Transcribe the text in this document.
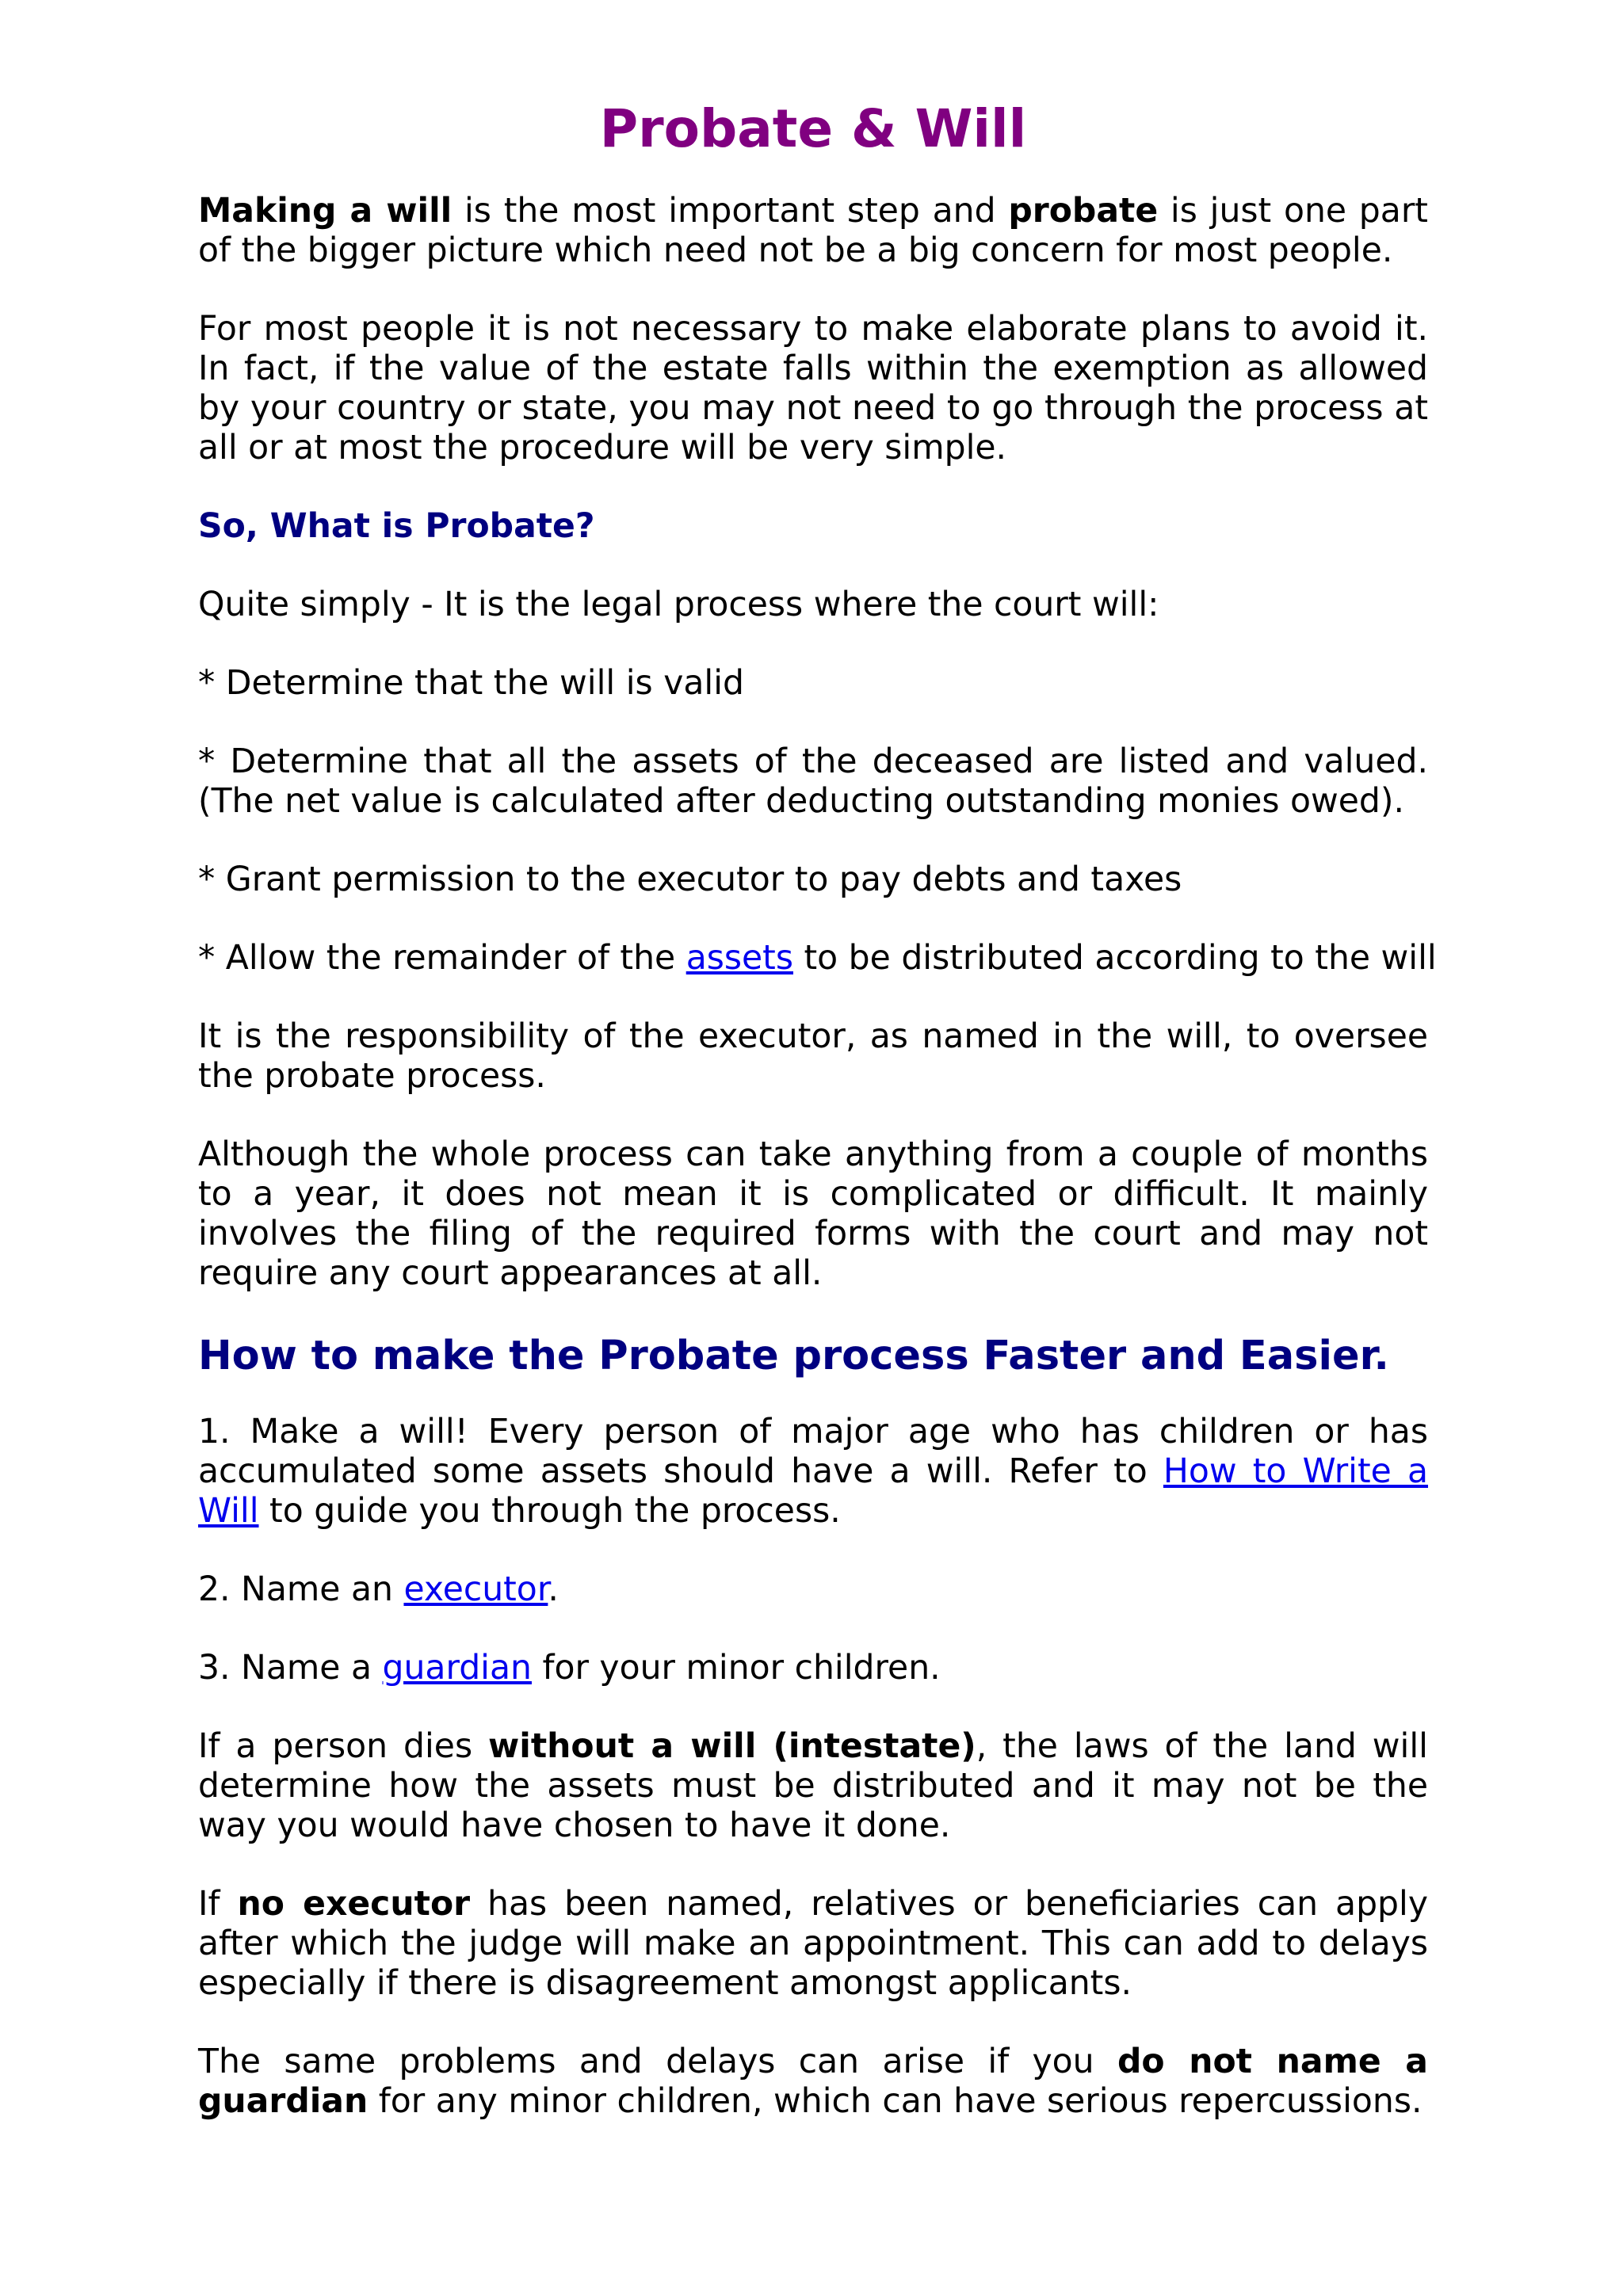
Probate & Will

Making a will is the most important step and probate is just one part of the bigger picture which need not be a big concern for most people.

For most people it is not necessary to make elaborate plans to avoid it. In fact, if the value of the estate falls within the exemption as allowed by your country or state, you may not need to go through the process at all or at most the procedure will be very simple.

So, What is Probate?

Quite simply - It is the legal process where the court will:

* Determine that the will is valid

* Determine that all the assets of the deceased are listed and valued. (The net value is calculated after deducting outstanding monies owed).

* Grant permission to the executor to pay debts and taxes

* Allow the remainder of the assets to be distributed according to the will

It is the responsibility of the executor, as named in the will, to oversee the probate process.

Although the whole process can take anything from a couple of months to a year, it does not mean it is complicated or difficult. It mainly involves the filing of the required forms with the court and may not require any court appearances at all.

How to make the Probate process Faster and Easier.

1. Make a will! Every person of major age who has children or has accumulated some assets should have a will. Refer to How to Write a Will to guide you through the process.

2. Name an executor.

3. Name a guardian for your minor children.

If a person dies without a will (intestate), the laws of the land will determine how the assets must be distributed and it may not be the way you would have chosen to have it done.

If no executor has been named, relatives or beneficiaries can apply after which the judge will make an appointment. This can add to delays especially if there is disagreement amongst applicants.

The same problems and delays can arise if you do not name a guardian for any minor children, which can have serious repercussions.
